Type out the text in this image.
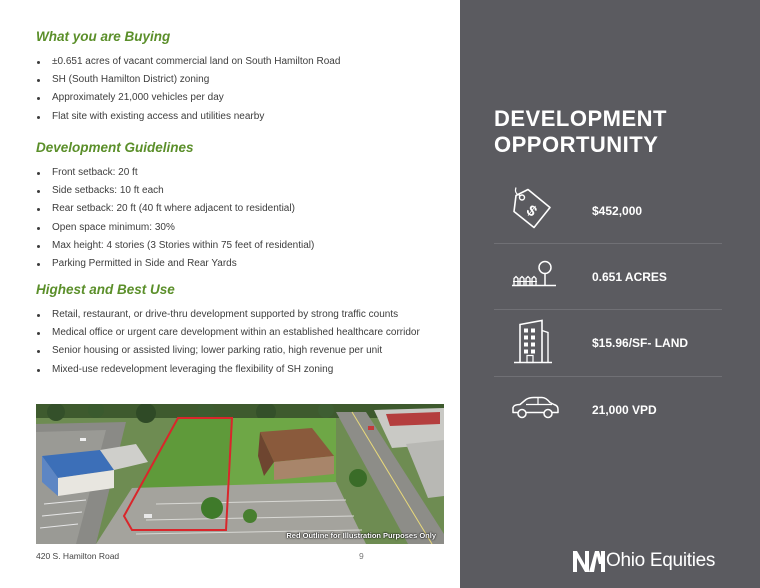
What you are Buying
±0.651 acres of vacant commercial land on South Hamilton Road
SH (South Hamilton District) zoning
Approximately 21,000 vehicles per day
Flat site with existing access and utilities nearby
Development Guidelines
Front setback: 20 ft
Side setbacks: 10 ft each
Rear setback: 20 ft (40 ft where adjacent to residential)
Open space minimum: 30%
Max height: 4 stories (3 Stories within 75 feet of residential)
Parking Permitted in Side and Rear Yards
Highest and Best Use
Retail, restaurant, or drive-thru development supported by strong traffic counts
Medical office or urgent care development within an established healthcare corridor
Senior housing or assisted living; lower parking ratio, high revenue per unit
Mixed-use redevelopment leveraging the flexibility of SH zoning
Red Outline for Illustration Purposes Only
420 S. Hamilton Road	9
DEVELOPMENT
OPPORTUNITY
$	$452,000
0.651 ACRES
$15.96/SF- LAND
21,000 VPD
Ohio Equities
